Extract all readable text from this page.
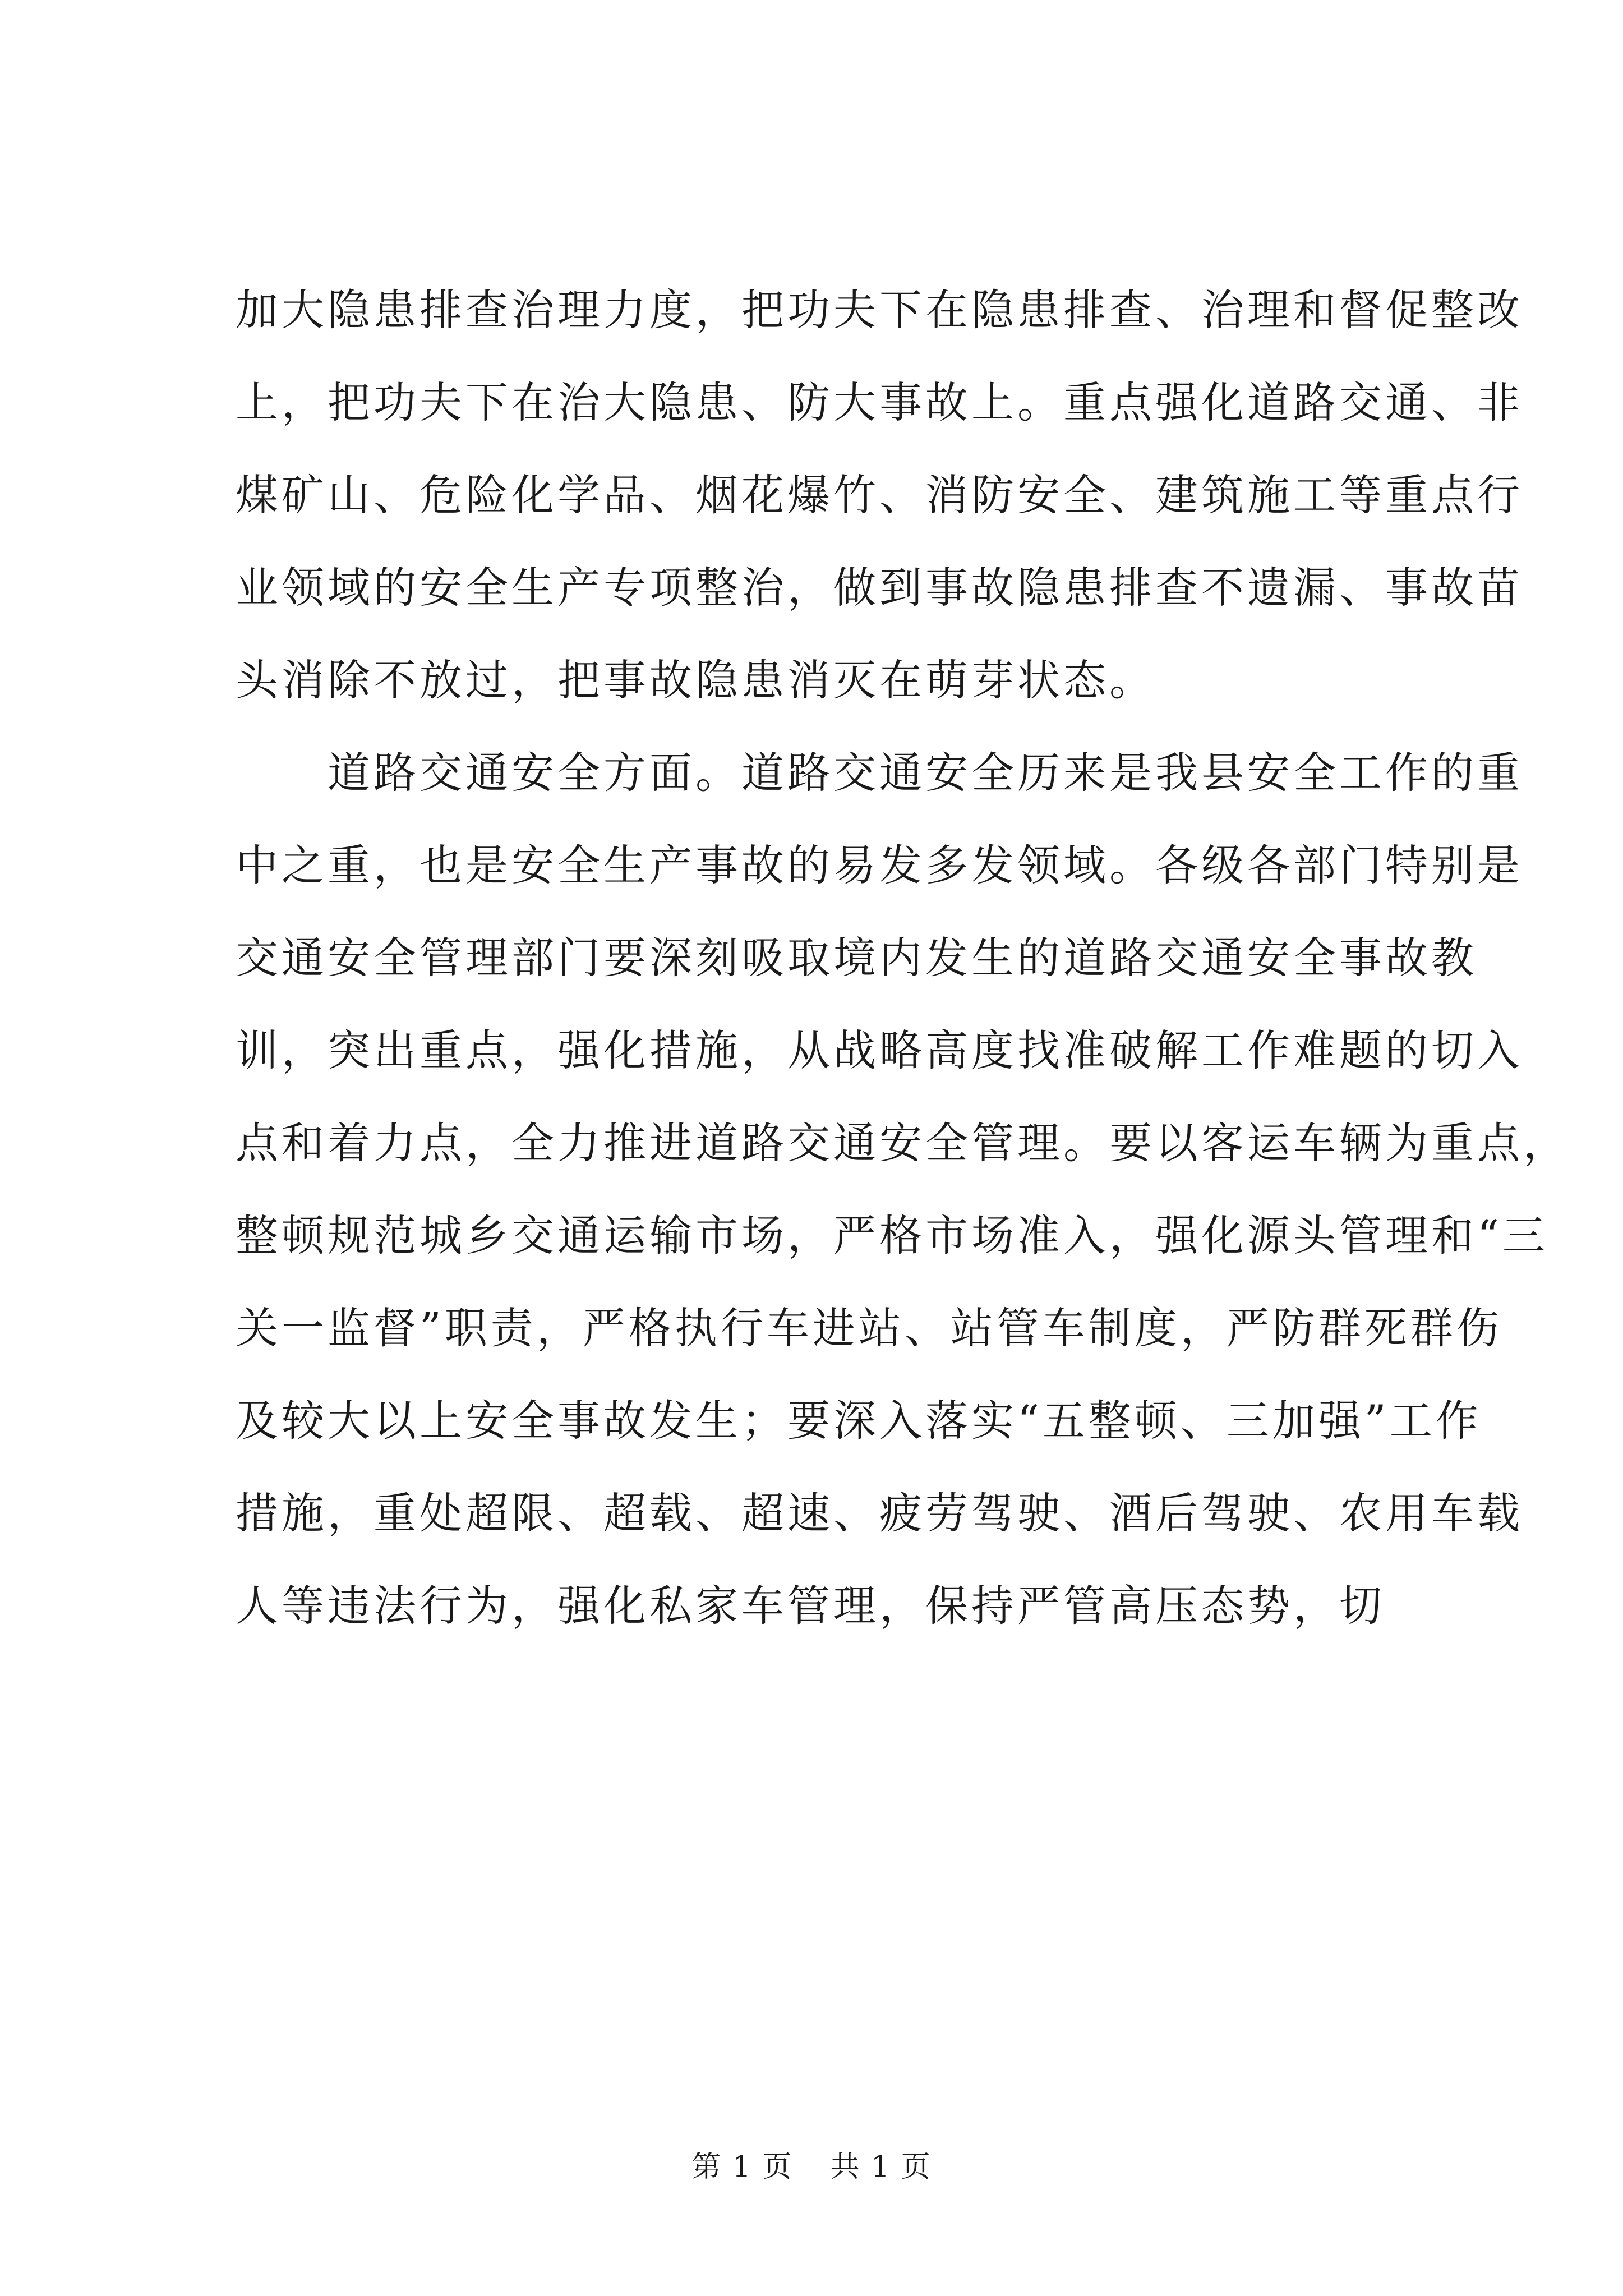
加大隐患排查治理力度，把功夫下在隐患排查、治理和督促整改
上，把功夫下在治大隐患、防大事故上。重点强化道路交通、非
煤矿山、危险化学品、烟花爆竹、消防安全、建筑施工等重点行
业领域的安全生产专项整治，做到事故隐患排查不遗漏、事故苗
头消除不放过，把事故隐患消灭在萌芽状态。
道路交通安全方面。道路交通安全历来是我县安全工作的重
中之重，也是安全生产事故的易发多发领域。各级各部门特别是
交通安全管理部门要深刻吸取境内发生的道路交通安全事故教
训，突出重点，强化措施，从战略高度找准破解工作难题的切入
点和着力点，全力推进道路交通安全管理。要以客运车辆为重点，
整顿规范城乡交通运输市场，严格市场准入，强化源头管理和“三
关一监督”职责，严格执行车进站、站管车制度，严防群死群伤
及较大以上安全事故发生；要深入落实“五整顿、三加强”工作
措施，重处超限、超载、超速、疲劳驾驶、酒后驾驶、农用车载
人等违法行为，强化私家车管理，保持严管高压态势，切
第 1 页 共 1 页
